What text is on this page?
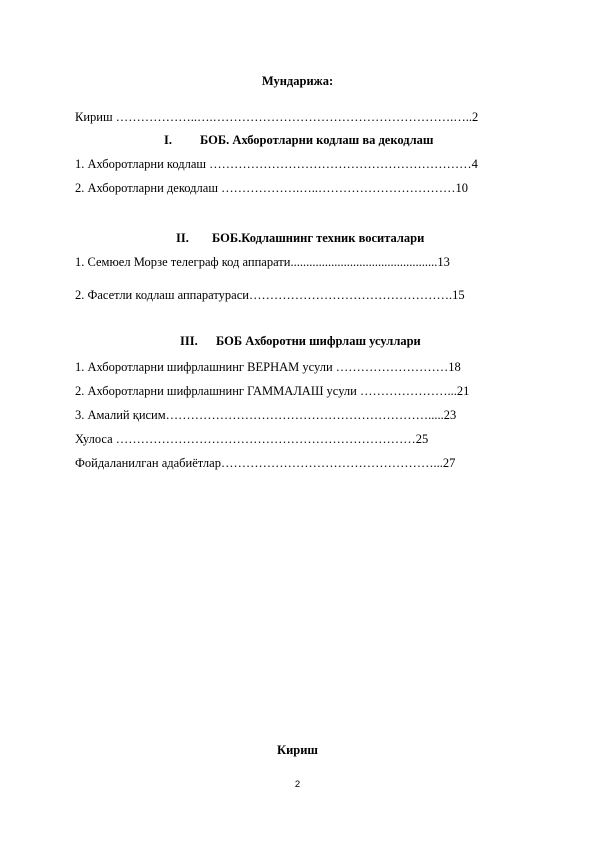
Мундарижа:
Кириш ………………..….………………………………………………….…..2
I. БОБ. Ахборотларни кодлаш ва декодлаш
1. Ахборотларни кодлаш ………………………………………………………4
2. Ахборотларни декодлаш ……………….…..……………………………10
II. БОБ.Кодлашнинг техник воситалари
1. Семюел Морзе телеграф код аппарати...............................................13
2. Фасетли кодлаш аппаратураси………………………………………….15
III. БОБ Ахборотни шифрлаш усуллари
1. Ахборотларни шифрлашнинг ВЕРНАМ усули ………………………18
2. Ахборотларни шифрлашнинг ГАММАЛАШ усули …………………...21
3. Амалий қисим……………………………………………………….....23
Хулоса ………………………………………………………………25
Фойдаланилган адабиётлар……………………………………………...27
Кириш
2
